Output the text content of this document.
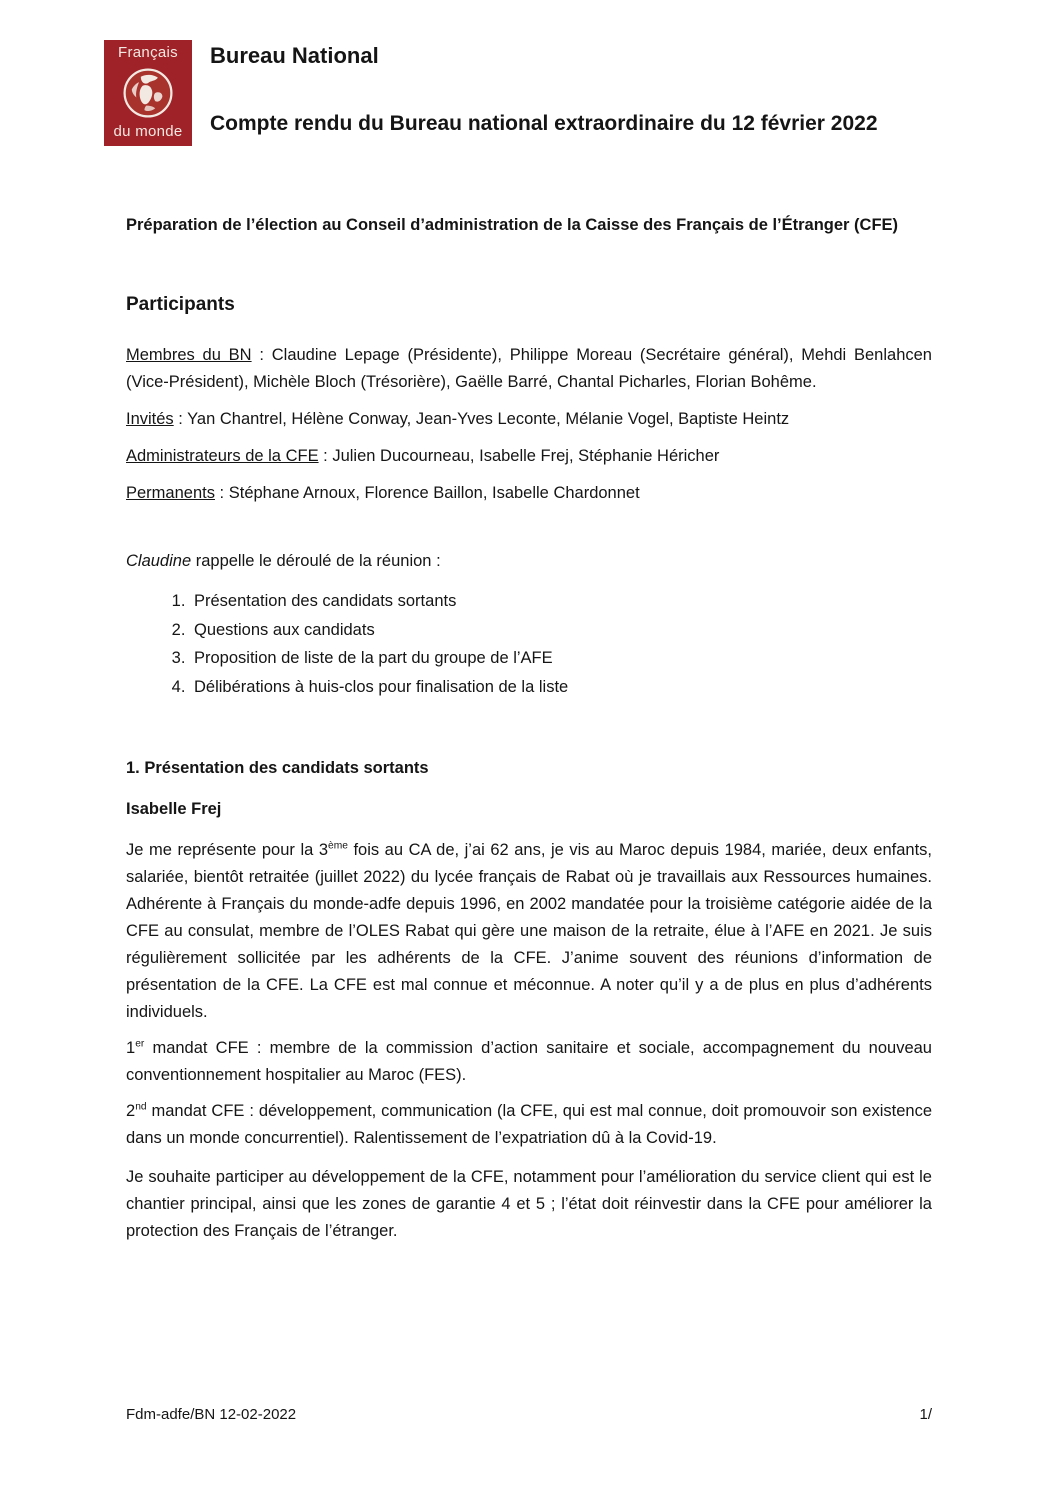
Français
du monde
Bureau National
Compte rendu du Bureau national extraordinaire du 12 février 2022

Préparation de l’élection au Conseil d’administration de la Caisse des Français de l’Étranger (CFE)

Participants

Membres du BN : Claudine Lepage (Présidente), Philippe Moreau (Secrétaire général), Mehdi Benlahcen (Vice-Président), Michèle Bloch (Trésorière), Gaëlle Barré, Chantal Picharles, Florian Bohême.

Invités : Yan Chantrel, Hélène Conway, Jean-Yves Leconte, Mélanie Vogel, Baptiste Heintz

Administrateurs de la CFE : Julien Ducourneau, Isabelle Frej, Stéphanie Héricher

Permanents : Stéphane Arnoux, Florence Baillon, Isabelle Chardonnet

Claudine rappelle le déroulé de la réunion :

1. Présentation des candidats sortants
2. Questions aux candidats
3. Proposition de liste de la part du groupe de l’AFE
4. Délibérations à huis-clos pour finalisation de la liste
1. Présentation des candidats sortants
Isabelle Frej

Je me représente pour la 3ème fois au CA de, j’ai 62 ans, je vis au Maroc depuis 1984, mariée, deux enfants, salariée, bientôt retraitée (juillet 2022) du lycée français de Rabat où je travaillais aux Ressources humaines. Adhérente à Français du monde-adfe depuis 1996, en 2002 mandatée pour la troisième catégorie aidée de la CFE au consulat, membre de l’OLES Rabat qui gère une maison de la retraite, élue à l’AFE en 2021. Je suis régulièrement sollicitée par les adhérents de la CFE. J’anime souvent des réunions d’information de présentation de la CFE. La CFE est mal connue et méconnue. A noter qu’il y a de plus en plus d’adhérents individuels.

1er mandat CFE : membre de la commission d’action sanitaire et sociale, accompagnement du nouveau conventionnement hospitalier au Maroc (FES).

2nd mandat CFE : développement, communication (la CFE, qui est mal connue, doit promouvoir son existence dans un monde concurrentiel). Ralentissement de l’expatriation dû à la Covid-19.

Je souhaite participer au développement de la CFE, notamment pour l’amélioration du service client qui est le chantier principal, ainsi que les zones de garantie 4 et 5 ; l’état doit réinvestir dans la CFE pour améliorer la protection des Français de l’étranger.

Fdm-adfe/BN 12-02-2022	1/
